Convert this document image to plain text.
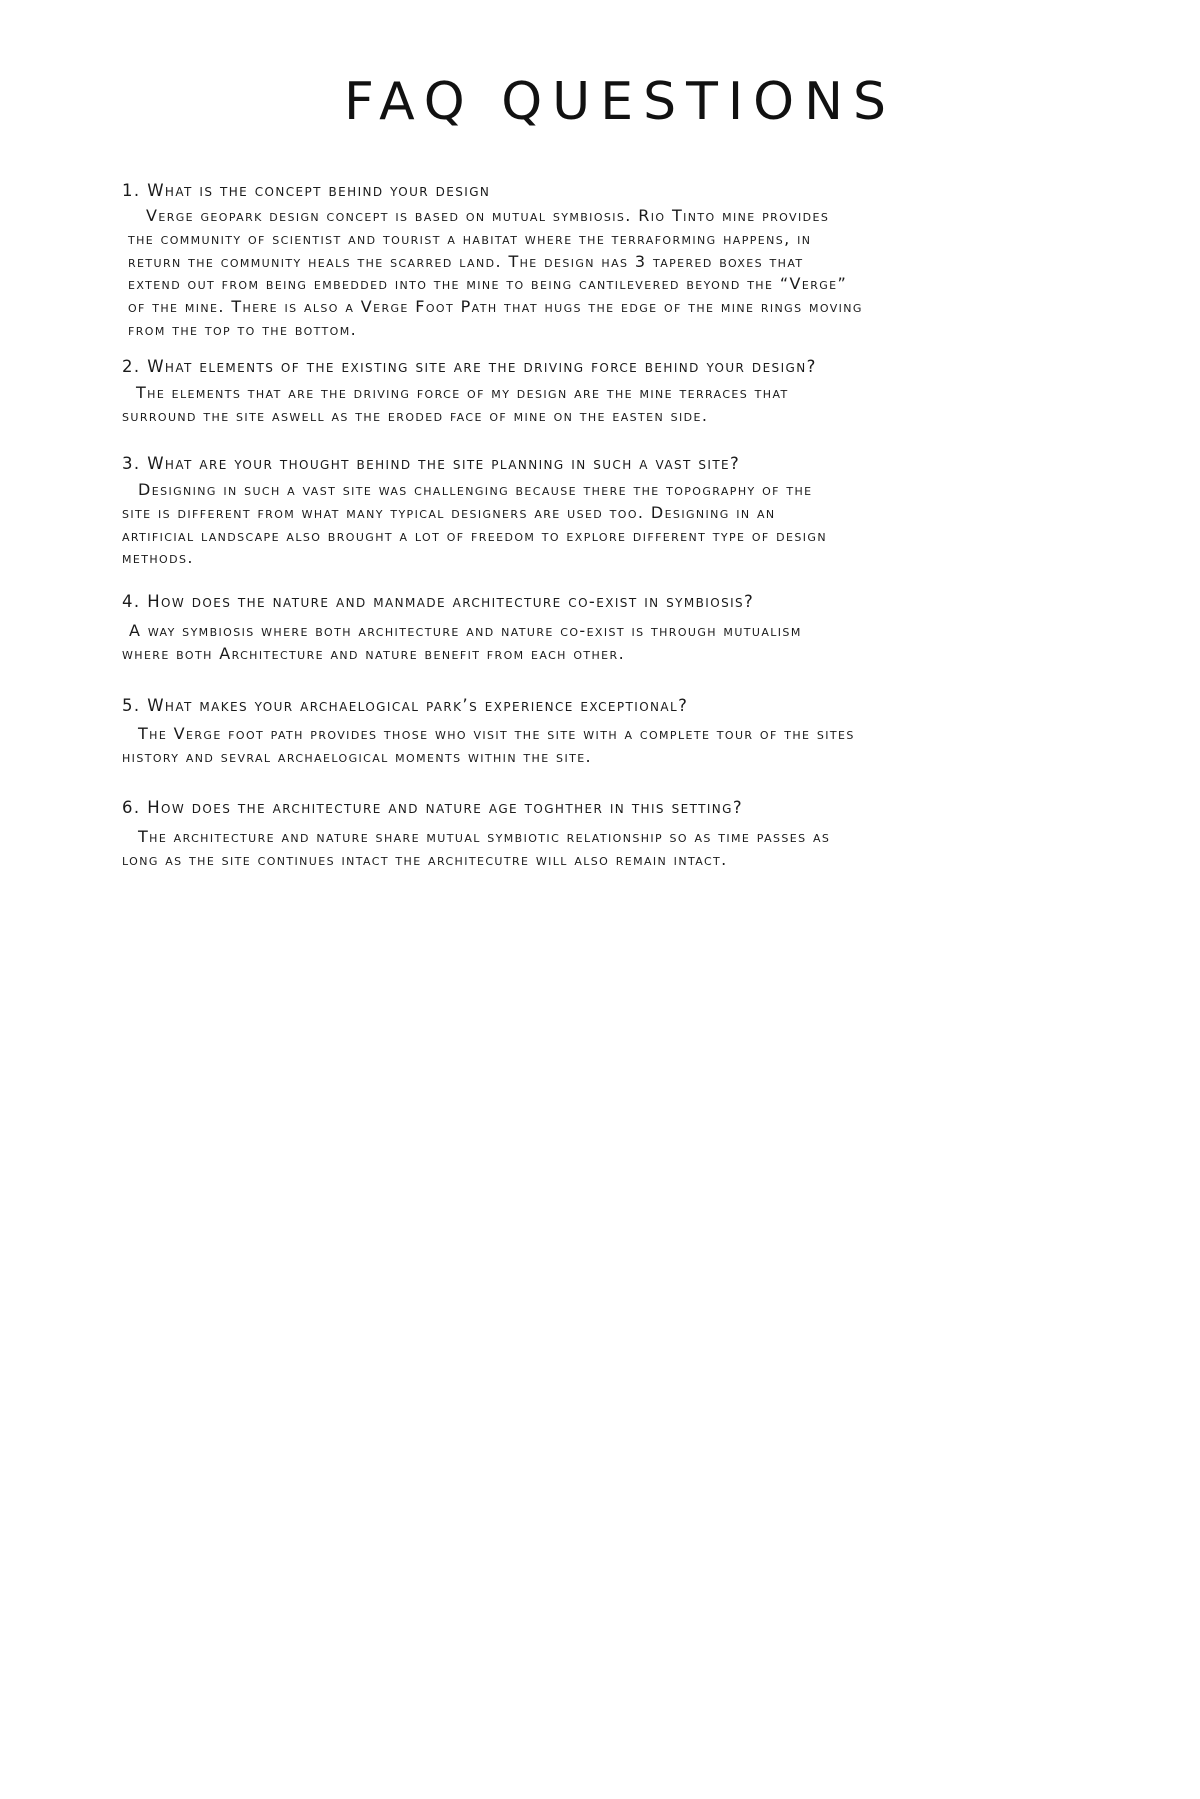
FAQ QUESTIONS

1. What is the concept behind your design

Verge geopark design concept is based on mutual symbiosis. Rio Tinto mine provides
the community of scientist and tourist a habitat where the terraforming happens, in
return the community heals the scarred land. The design has 3 tapered boxes that
extend out from being embedded into the mine to being cantilevered beyond the “Verge”
of the mine. There is also a Verge Foot Path that hugs the edge of the mine rings moving
from the top to the bottom.

2. What elements of the existing site are the driving force behind your design?

The elements that are the driving force of my design are the mine terraces that
surround the site aswell as the eroded face of mine on the easten side.

3. What are your thought behind the site planning in such a vast site?

Designing in such a vast site was challenging because there the topography of the
site is different from what many typical designers are used too. Designing in an
artificial landscape also brought a lot of freedom to explore different type of design
methods.

4. How does the nature and manmade architecture co-exist in symbiosis?

A way symbiosis where both architecture and nature co-exist is through mutualism
where both Architecture and nature benefit from each other.

5. What makes your archaelogical park’s experience exceptional?

The Verge foot path provides those who visit the site with a complete tour of the sites
history and sevral archaelogical moments within the site.

6. How does the architecture and nature age toghther in this setting?

The architecture and nature share mutual symbiotic relationship so as time passes as
long as the site continues intact the architecutre will also remain intact.
